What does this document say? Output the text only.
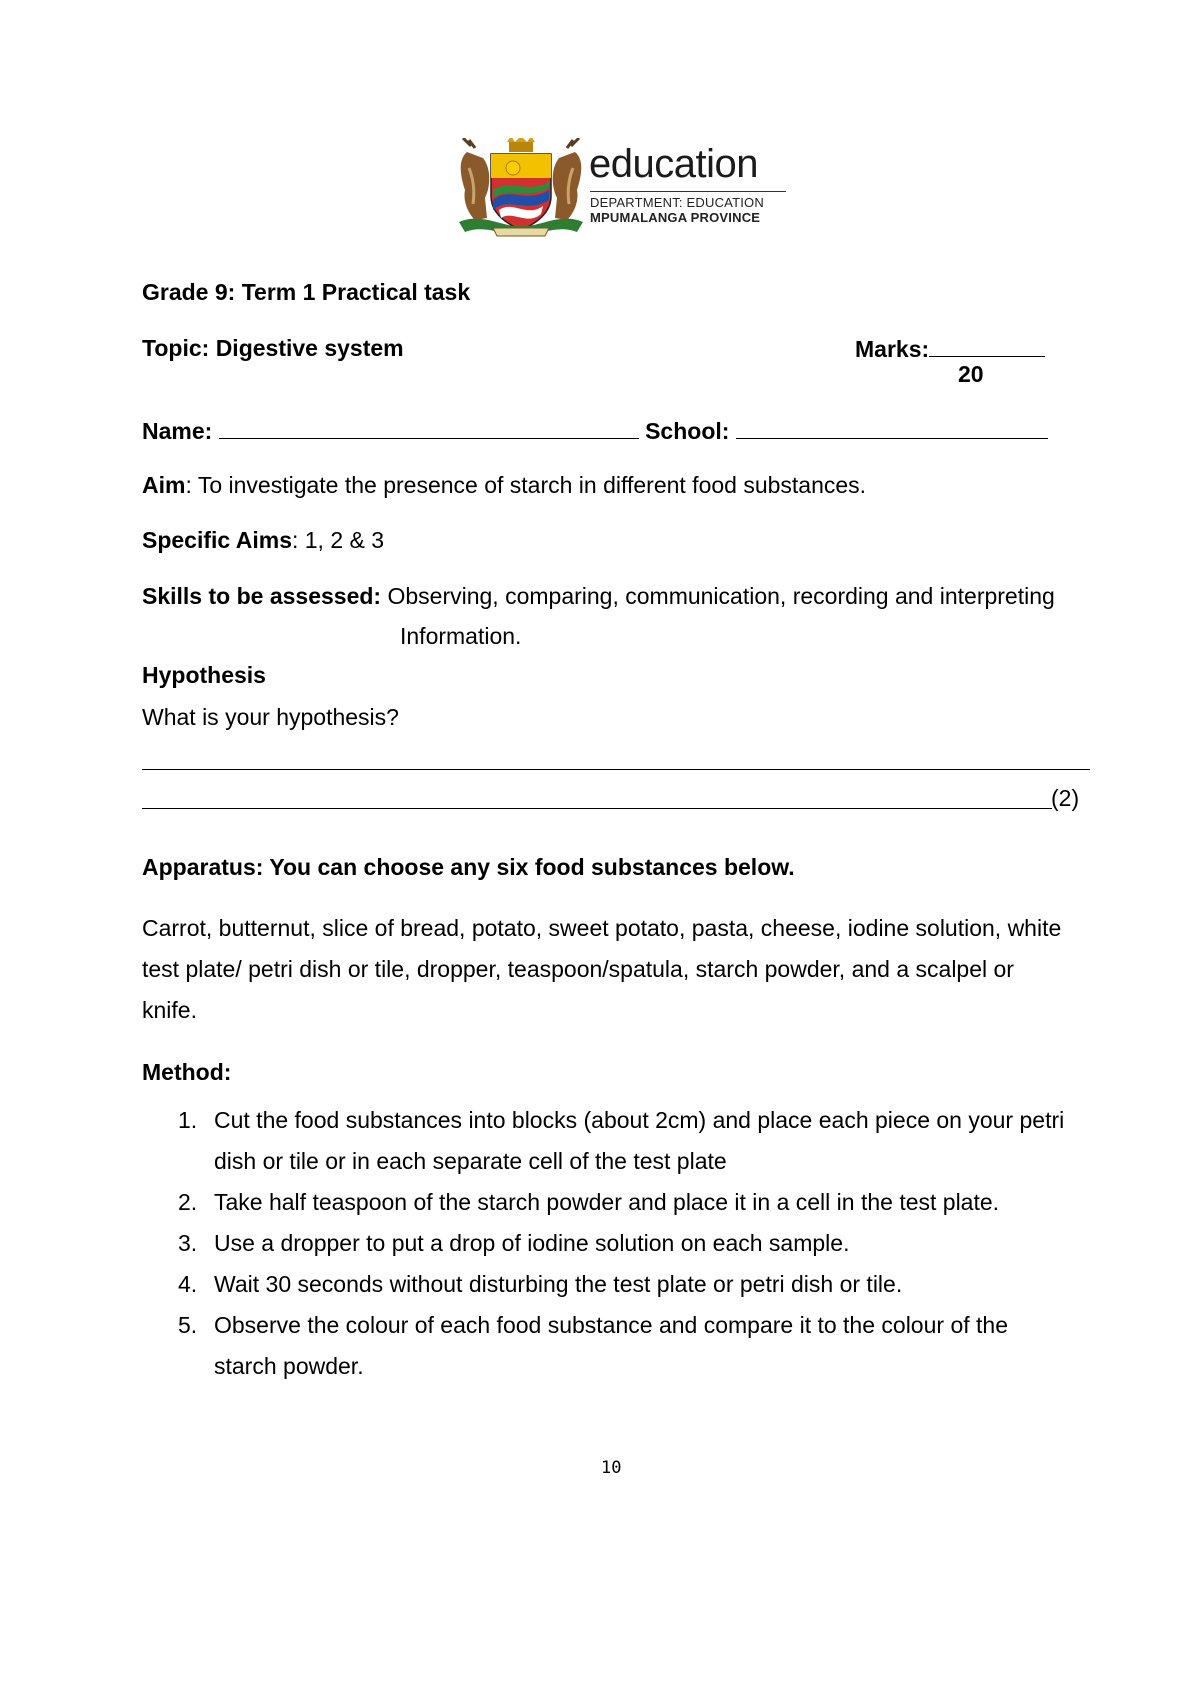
education
DEPARTMENT: EDUCATION
MPUMALANGA PROVINCE
Grade 9: Term 1 Practical task
Topic: Digestive system	Marks:
20
Name:	School:
Aim: To investigate the presence of starch in different food substances.
Specific Aims: 1, 2 & 3
Skills to be assessed: Observing, comparing, communication, recording and interpreting
Information.
Hypothesis
What is your hypothesis?
(2)
Apparatus: You can choose any six food substances below.
Carrot, butternut, slice of bread, potato, sweet potato, pasta, cheese, iodine solution, white
test plate/ petri dish or tile, dropper, teaspoon/spatula, starch powder, and a scalpel or
knife.
Method:
1. Cut the food substances into blocks (about 2cm) and place each piece on your petri
dish or tile or in each separate cell of the test plate
2. Take half teaspoon of the starch powder and place it in a cell in the test plate.
3. Use a dropper to put a drop of iodine solution on each sample.
4. Wait 30 seconds without disturbing the test plate or petri dish or tile.
5. Observe the colour of each food substance and compare it to the colour of the
starch powder.
10
